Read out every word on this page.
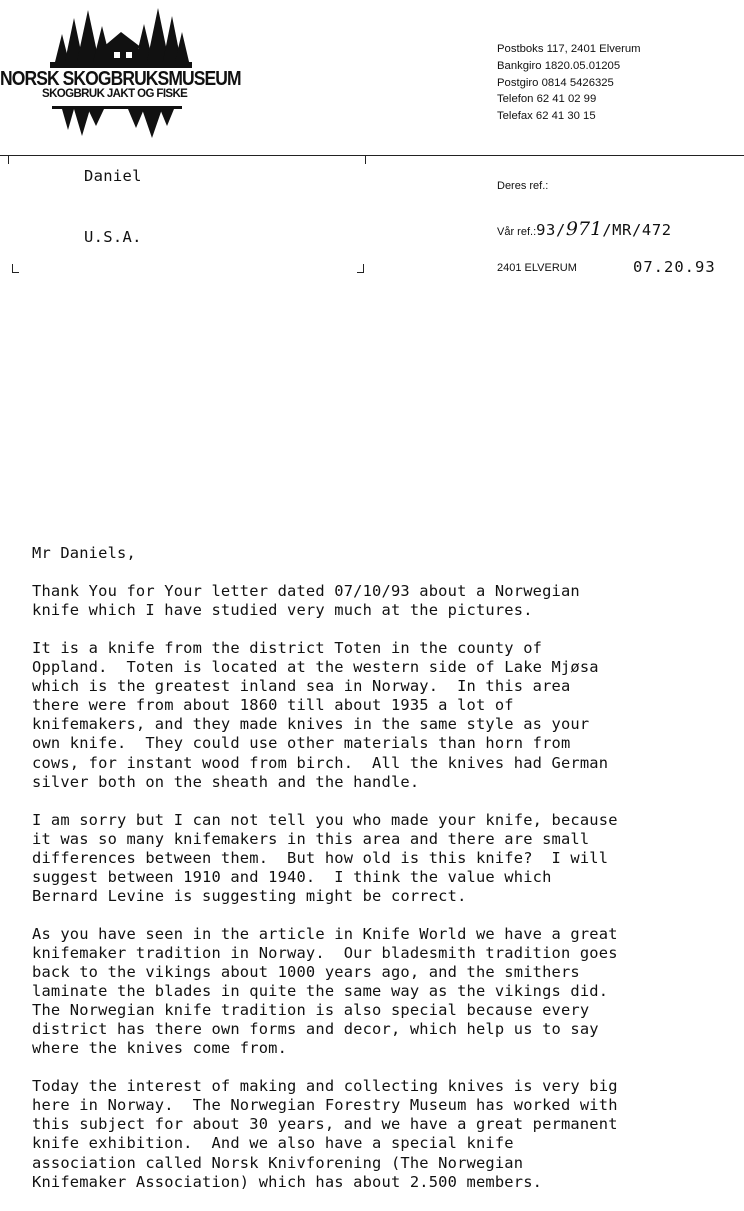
NORSK SKOGBRUKSMUSEUM
SKOGBRUK JAKT OG FISKE
Postboks 117, 2401 Elverum
Bankgiro 1820.05.01205
Postgiro 0814 5426325
Telefon 62 41 02 99
Telefax 62 41 30 15
Daniel
U.S.A.
Deres ref.:
Vår ref.:93/971/MR/472
2401 ELVERUM	07.20.93

Mr Daniels,

Thank You for Your letter dated 07/10/93 about a Norwegian
knife which I have studied very much at the pictures.

It is a knife from the district Toten in the county of
Oppland.  Toten is located at the western side of Lake Mjøsa
which is the greatest inland sea in Norway.  In this area
there were from about 1860 till about 1935 a lot of
knifemakers, and they made knives in the same style as your
own knife.  They could use other materials than horn from
cows, for instant wood from birch.  All the knives had German
silver both on the sheath and the handle.

I am sorry but I can not tell you who made your knife, because
it was so many knifemakers in this area and there are small
differences between them.  But how old is this knife?  I will
suggest between 1910 and 1940.  I think the value which
Bernard Levine is suggesting might be correct.

As you have seen in the article in Knife World we have a great
knifemaker tradition in Norway.  Our bladesmith tradition goes
back to the vikings about 1000 years ago, and the smithers
laminate the blades in quite the same way as the vikings did.
The Norwegian knife tradition is also special because every
district has there own forms and decor, which help us to say
where the knives come from.

Today the interest of making and collecting knives is very big
here in Norway.  The Norwegian Forestry Museum has worked with
this subject for about 30 years, and we have a great permanent
knife exhibition.  And we also have a special knife
association called Norsk Knivforening (The Norwegian
Knifemaker Association) which has about 2.500 members.
